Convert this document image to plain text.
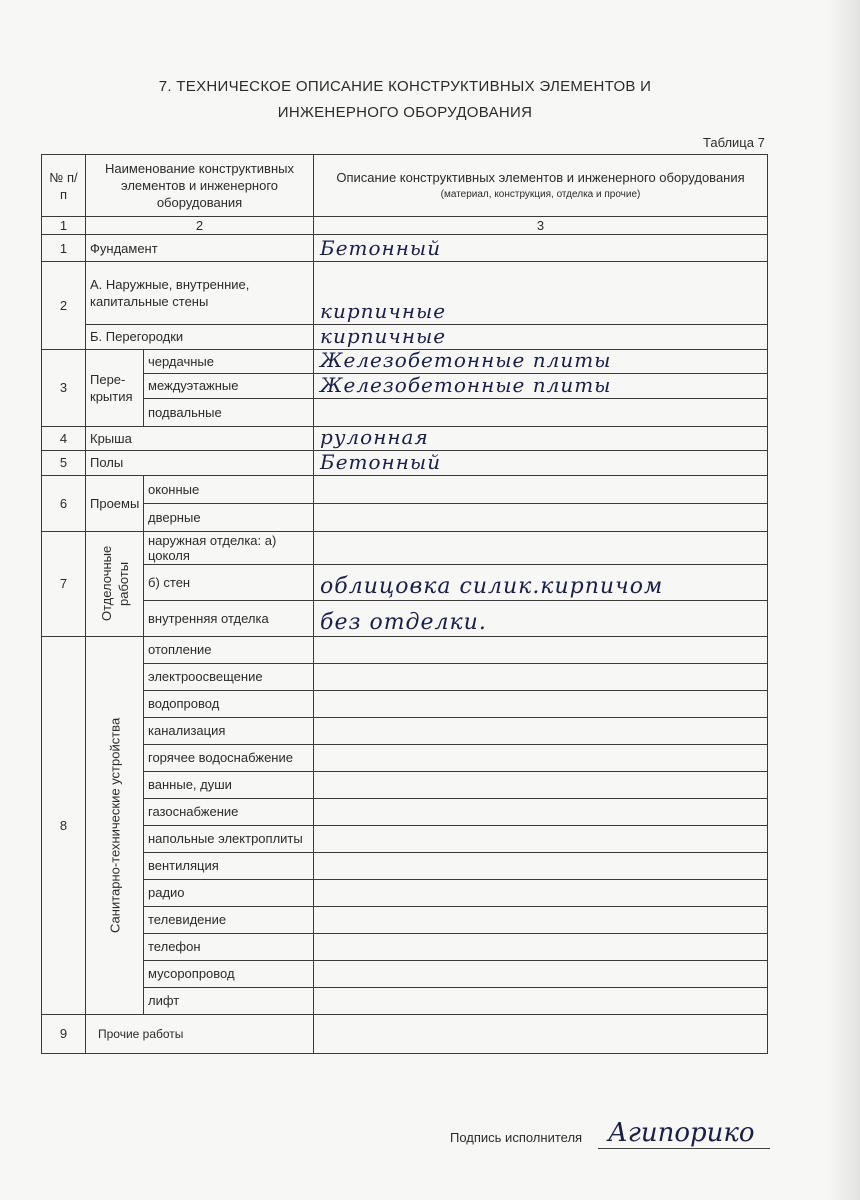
7. ТЕХНИЧЕСКОЕ ОПИСАНИЕ КОНСТРУКТИВНЫХ ЭЛЕМЕНТОВ И
ИНЖЕНЕРНОГО ОБОРУДОВАНИЯ
Таблица 7
№ п/п	Наименование конструктивных элементов и инженерного оборудования		Описание конструктивных элементов и инженерного оборудования
(материал, конструкция, отделка и прочие)

1	2		3
1	Фундамент		Бетонный

2	А. Наружные, внутренние, капитальные стены		кирпичные

	Б. Перегородки		кирпичные

3	Пере-крытия	чердачные	Железобетонные плиты

		междуэтажные	Железобетонные плиты

		подвальные	
4	Крыша		рулонная

5	Полы		Бетонный

6	Проемы	оконные	
		дверные	
7	Отделочные работы	наружная отделка: а) цоколя	
		б) стен	облицовка силик.кирпичом

		внутренняя отделка	без отделки.

8	Санитарно-технические устройства	отопление	
		электроосвещение	
		водопровод	
		канализация	
		горячее водоснабжение	
		ванные, души	
		газоснабжение	
		напольные электроплиты	
		вентиляция	
		радио	
		телевидение	
		телефон	
		мусоропровод	
		лифт	
9	Прочие работы		
Подпись исполнителя Агипорико
